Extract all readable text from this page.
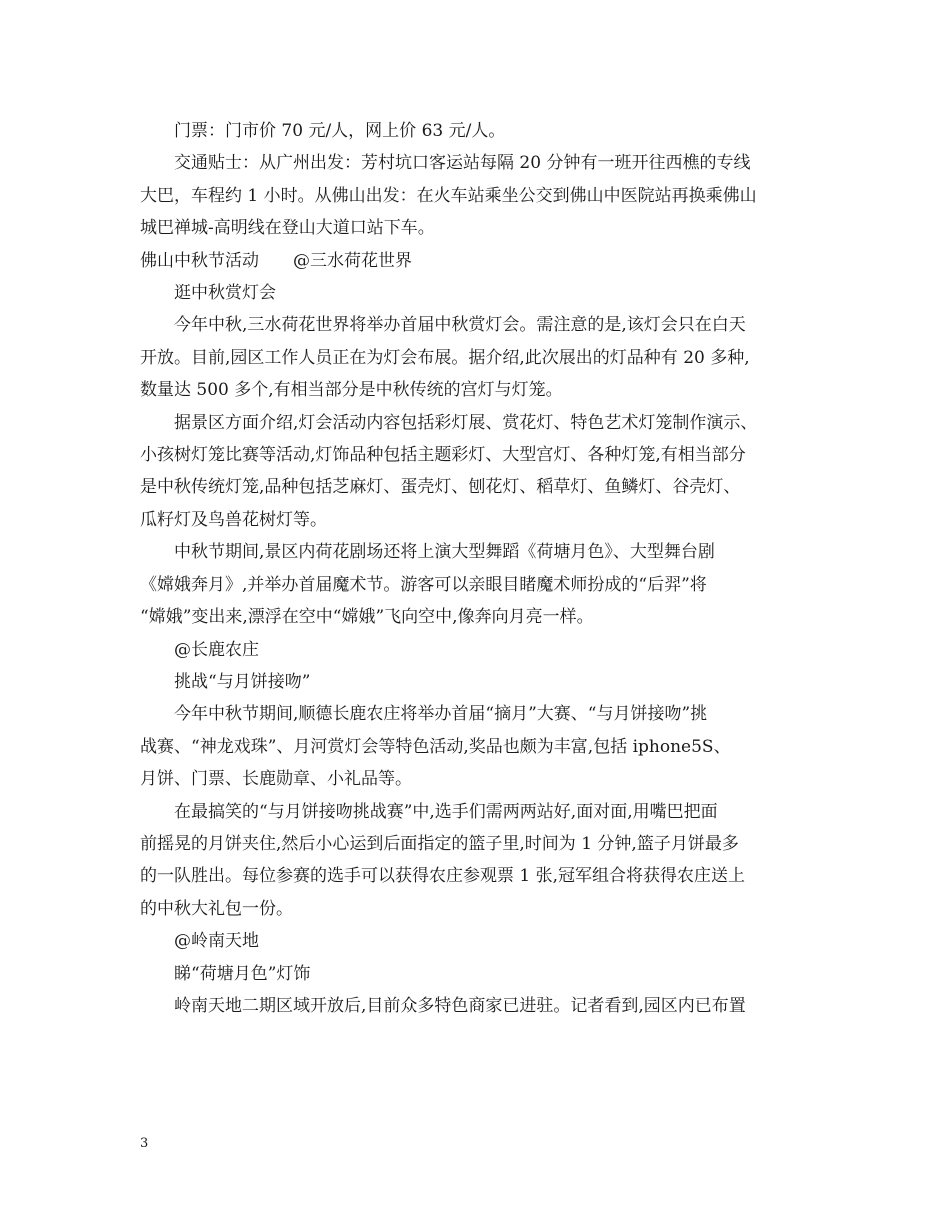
门票：门市价 70 元/人，网上价 63 元/人。
交通贴士：从广州出发：芳村坑口客运站每隔 20 分钟有一班开往西樵的专线
大巴，车程约 1 小时。从佛山出发：在火车站乘坐公交到佛山中医院站再换乘佛山
城巴禅城-高明线在登山大道口站下车。
佛山中秋节活动　　@三水荷花世界
逛中秋赏灯会
今年中秋,三水荷花世界将举办首届中秋赏灯会。需注意的是,该灯会只在白天
开放。目前,园区工作人员正在为灯会布展。据介绍,此次展出的灯品种有 20 多种,
数量达 500 多个,有相当部分是中秋传统的宫灯与灯笼。
据景区方面介绍,灯会活动内容包括彩灯展、赏花灯、特色艺术灯笼制作演示、
小孩树灯笼比赛等活动,灯饰品种包括主题彩灯、大型宫灯、各种灯笼,有相当部分
是中秋传统灯笼,品种包括芝麻灯、蛋壳灯、刨花灯、稻草灯、鱼鳞灯、谷壳灯、
瓜籽灯及鸟兽花树灯等。
中秋节期间,景区内荷花剧场还将上演大型舞蹈《荷塘月色》、大型舞台剧
《嫦娥奔月》,并举办首届魔术节。游客可以亲眼目睹魔术师扮成的“后羿”将
“嫦娥”变出来,漂浮在空中“嫦娥”飞向空中,像奔向月亮一样。
@长鹿农庄
挑战“与月饼接吻”
今年中秋节期间,顺德长鹿农庄将举办首届“摘月”大赛、“与月饼接吻”挑
战赛、“神龙戏珠”、月河赏灯会等特色活动,奖品也颇为丰富,包括 iphone5S、
月饼、门票、长鹿勋章、小礼品等。
在最搞笑的“与月饼接吻挑战赛”中,选手们需两两站好,面对面,用嘴巴把面
前摇晃的月饼夹住,然后小心运到后面指定的篮子里,时间为 1 分钟,篮子月饼最多
的一队胜出。每位参赛的选手可以获得农庄参观票 1 张,冠军组合将获得农庄送上
的中秋大礼包一份。
@岭南天地
睇“荷塘月色”灯饰
岭南天地二期区域开放后,目前众多特色商家已进驻。记者看到,园区内已布置
3
